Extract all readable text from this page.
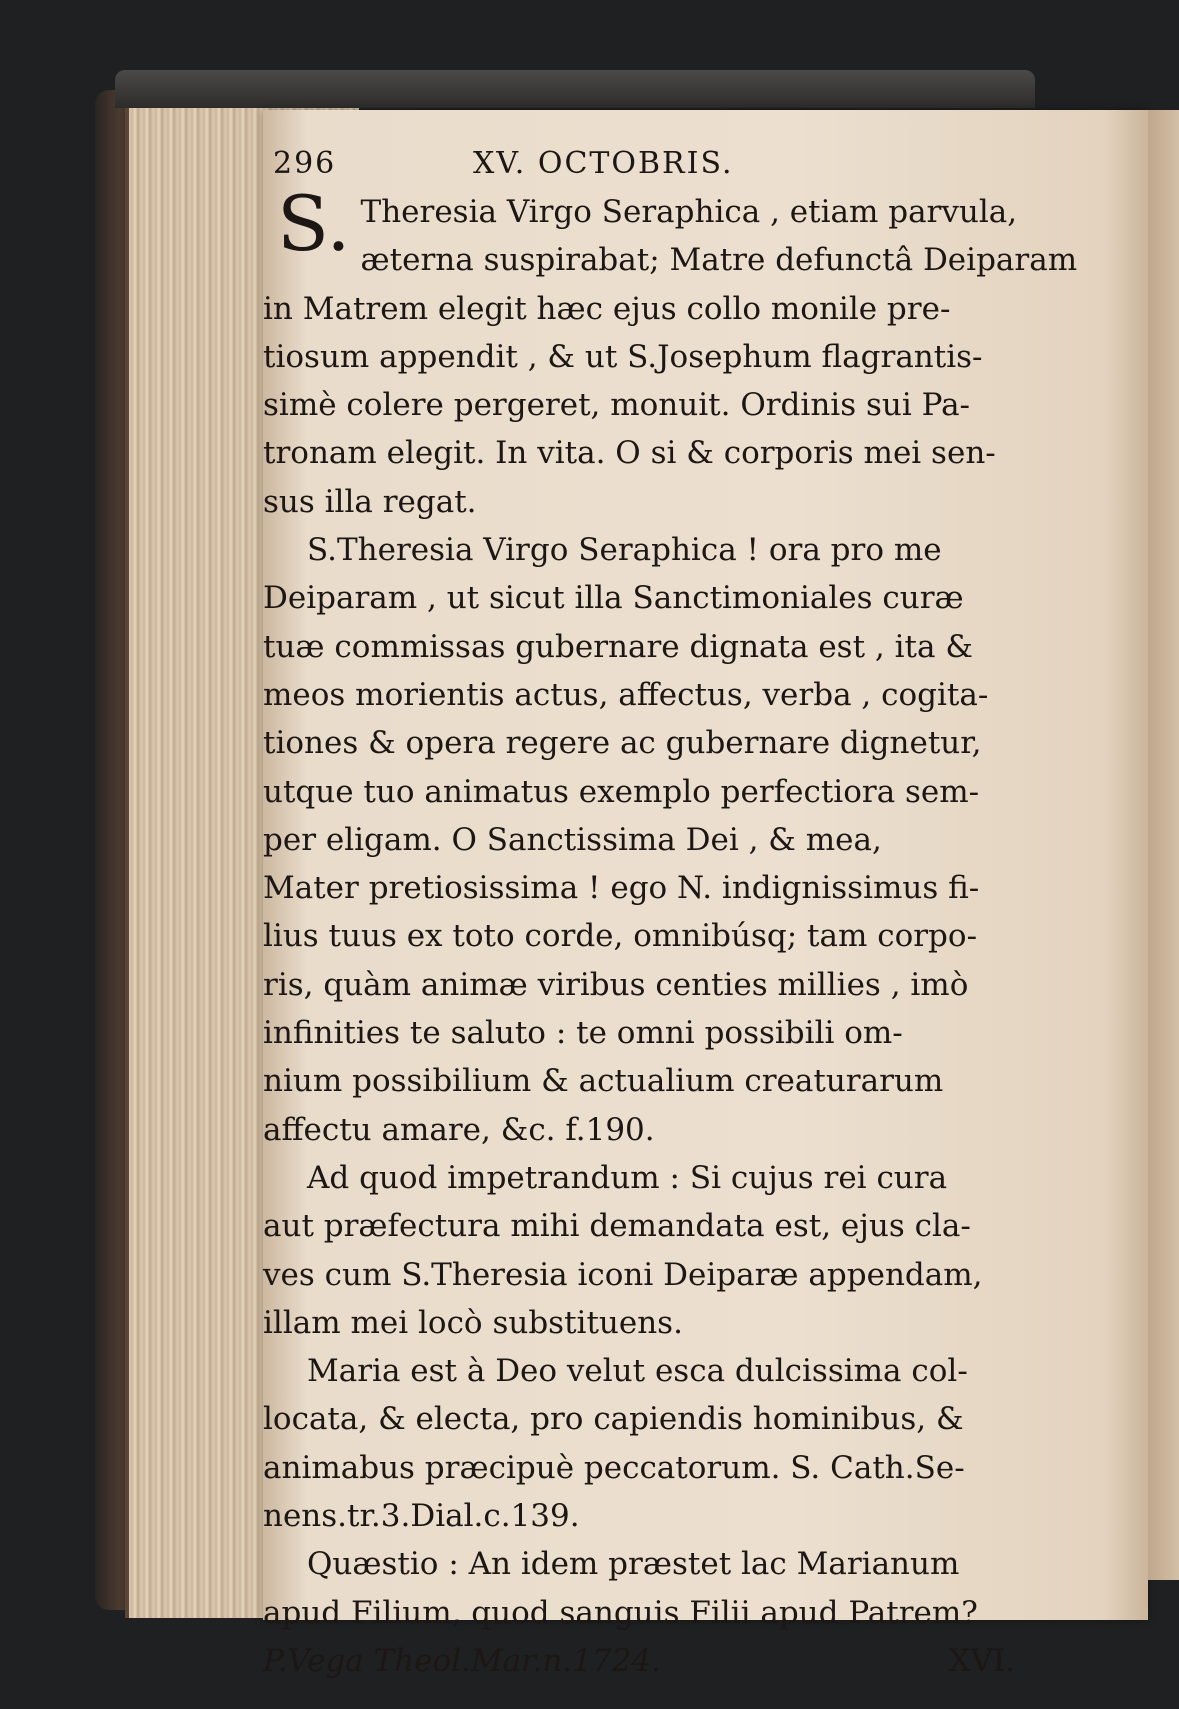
296	XV. OCTOBRIS.
S. Theresia Virgo Seraphica , etiam parvula,
æterna suspirabat; Matre defunctâ Deiparam
in Matrem elegit hæc ejus collo monile pre-
tiosum appendit , & ut S.Josephum flagrantis-
simè colere pergeret, monuit. Ordinis sui Pa-
tronam elegit. In vita. O si & corporis mei sen-
sus illa regat.
S.Theresia Virgo Seraphica ! ora pro me
Deiparam , ut sicut illa Sanctimoniales curæ
tuæ commissas gubernare dignata est , ita &
meos morientis actus, affectus, verba , cogita-
tiones & opera regere ac gubernare dignetur,
utque tuo animatus exemplo perfectiora sem-
per eligam. O Sanctissima Dei , & mea,
Mater pretiosissima ! ego N. indignissimus fi-
lius tuus ex toto corde, omnibúsq; tam corpo-
ris, quàm animæ viribus centies millies , imò
infinities te saluto : te omni possibili om-
nium possibilium & actualium creaturarum
affectu amare, &c. f.190.
Ad quod impetrandum : Si cujus rei cura
aut præfectura mihi demandata est, ejus cla-
ves cum S.Theresia iconi Deiparæ appendam,
illam mei locò substituens.
Maria est à Deo velut esca dulcissima col-
locata, & electa, pro capiendis hominibus, &
animabus præcipuè peccatorum. S. Cath.Se-
nens.tr.3.Dial.c.139.
Quæstio : An idem præstet lac Marianum
apud Filium, quod sanguis Filii apud Patrem?
P.Vega Theol.Mar.n.1724.	XVI.
